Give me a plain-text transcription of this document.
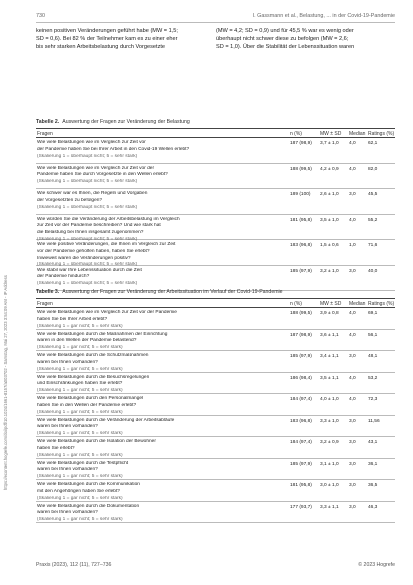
https://econtent.hogrefe.com/doi/pdf/10.1024/1661-8157/a003702 - Samstag, Mai 27, 2023 3:54:09 AM - IP Address
730	I. Gassmann et al., Belastung, ... in der Covid-19-Pandemie

keinen positiven Veränderungen geführt habe (MW = 1,5;

SD = 0,6). Bei 82 % der Teilnehmer kam es zu einer eher

bis sehr starken Arbeitsbelastung durch Vorgesetzte

(MW = 4,2; SD = 0,9) und für 45,5 % war es wenig oder

überhaupt nicht schwer diese zu befolgen (MW = 2,6;

SD = 1,0). Über die Stabilität der Lebenssituation waren

Tabelle 2. Auswertung der Fragen zur Veränderung der Belastung
Fragen	n (%)	MW ± SD Median Ratings (%)
Wie viele Belastungen wie im Vergleich zur Zeit vor
der Pandemie haben Sie bei Ihrer Arbeit in den Covid-19 Wellen erlebt?
(Skalierung 1 = überhaupt nicht; 5 = sehr stark)
187 (98,9) 3,7 ± 1,0 4,0	62,1
Wie viele Belastungen wie im Vergleich zur Zeit vor der
Pandemie haben Sie durch Vorgesetzte in den Wellen erlebt?
(Skalierung 1 = überhaupt nicht; 5 = sehr stark)
188 (99,5) 4,2 ± 0,9 4,0	82,0
Wie schwer war es Ihnen, die Regeln und Vorgaben
der Vorgesetzten zu befolgen?
(Skalierung 1 = überhaupt nicht; 5 = sehr stark)
189 (100) 2,6 ± 1,0 3,0	45,5
Wie würden Sie die Veränderung der Arbeitsbelastung im Vergleich
zur Zeit vor der Pandemie beschreiben? Und wie stark hat
die Belastung bei Ihnen insgesamt zugenommen?
(Skalierung 1 = überhaupt nicht; 5 = sehr stark)
181 (95,8) 3,5 ± 1,0 4,0	55,2
Wie viele positive Veränderungen, die Ihnen im Vergleich zur Zeit
vor der Pandemie geholfen haben, haben Sie erlebt?
Inwieweit waren die Veränderungen positiv?
(Skalierung 1 = überhaupt nicht; 5 = sehr stark)
183 (96,8) 1,5 ± 0,6 1,0	71,6
Wie stabil war Ihre Lebenssituation durch die Zeit
der Pandemie hindurch?
(Skalierung 1 = überhaupt nicht; 5 = sehr stark)
185 (97,9) 3,2 ± 1,0 3,0	40,0
Tabelle 3. Auswertung der Fragen zur Veränderung der Arbeitssituation im Verlauf der Covid-19-Pandemie
Fragen	n (%)	MW ± SD Median Ratings (%)
Wie viele Belastungen wie im Vergleich zur Zeit vor der Pandemie
haben Sie bei Ihrer Arbeit erlebt?
(Skalierung 1 = gar nicht; 5 = sehr stark)
188 (99,5) 3,9 ± 0,8 4,0	69,1
Wie viele Belastungen durch die Maßnahmen der Einrichtung
waren in den Wellen der Pandemie belastend?
(Skalierung 1 = gar nicht; 5 = sehr stark)
187 (98,9) 3,6 ± 1,1 4,0	56,1
Wie viele Belastungen durch die Schutzmaßnahmen
waren bei Ihnen vorhanden?
(Skalierung 1 = gar nicht; 5 = sehr stark)
185 (97,9) 3,4 ± 1,1 3,0	48,1
Wie viele Belastungen durch die Besuchsregelungen
und Einschränkungen haben Sie erlebt?
(Skalierung 1 = gar nicht; 5 = sehr stark)
186 (98,4) 3,5 ± 1,1 4,0	53,2
Wie viele Belastungen durch den Personalmangel
haben Sie in den Wellen der Pandemie erlebt?
(Skalierung 1 = gar nicht; 5 = sehr stark)
184 (97,4) 4,0 ± 1,0 4,0	72,3
Wie viele Belastungen durch die Veränderung der Arbeitsabläufe
waren bei Ihnen vorhanden?
(Skalierung 1 = gar nicht; 5 = sehr stark)
183 (96,8) 3,3 ± 1,0 3,0	11,56
Wie viele Belastungen durch die Isolation der Bewohner
haben Sie erlebt?
(Skalierung 1 = gar nicht; 5 = sehr stark)
184 (97,4) 3,2 ± 0,9 3,0	43,1
Wie viele Belastungen durch die Testpflicht
waren bei Ihnen vorhanden?
(Skalierung 1 = gar nicht; 5 = sehr stark)
185 (97,9) 3,1 ± 1,0 3,0	36,1
Wie viele Belastungen durch die Kommunikation
mit den Angehörigen haben Sie erlebt?
(Skalierung 1 = gar nicht; 5 = sehr stark)
181 (95,8) 3,0 ± 1,0 3,0	36,5
Wie viele Belastungen durch die Dokumentation
waren bei Ihnen vorhanden?
(Skalierung 1 = gar nicht; 5 = sehr stark)
177 (93,7) 3,3 ± 1,1 3,0	46,3
Praxis (2023), 112 (11), 727–736	© 2023 Hogrefe
